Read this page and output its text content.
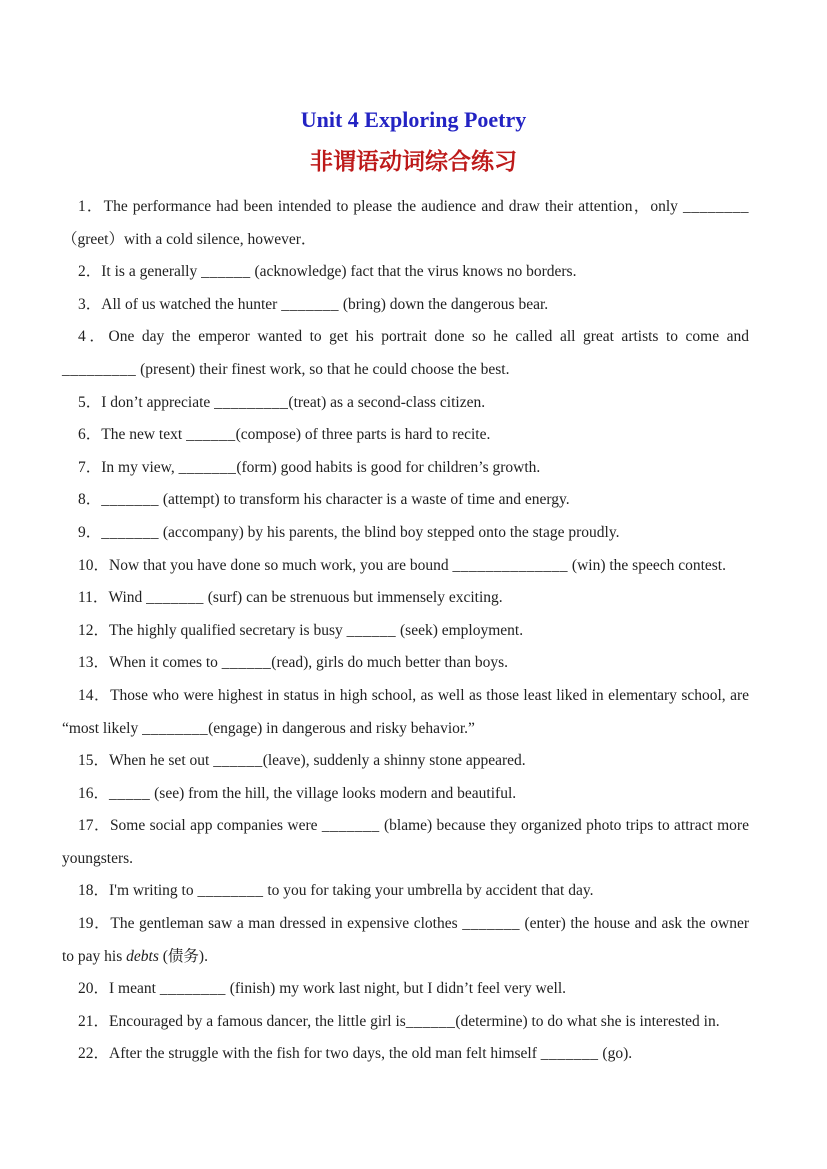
Unit 4 Exploring Poetry
非谓语动词综合练习

1．The performance had been intended to please the audience and draw their attention，only ________ （greet）with a cold silence, however．

2．It is a generally ______ (acknowledge) fact that the virus knows no borders.

3．All of us watched the hunter _______ (bring) down the dangerous bear.

4．One day the emperor wanted to get his portrait done so he called all great artists to come and _________ (present) their finest work, so that he could choose the best.

5．I don’t appreciate _________(treat) as a second-class citizen.

6．The new text ______(compose) of three parts is hard to recite.

7．In my view, _______(form) good habits is good for children’s growth.

8．_______ (attempt) to transform his character is a waste of time and energy.

9．_______ (accompany) by his parents, the blind boy stepped onto the stage proudly.

10．Now that you have done so much work, you are bound ______________ (win) the speech contest.

11．Wind _______ (surf) can be strenuous but immensely exciting.

12．The highly qualified secretary is busy ______ (seek) employment.

13．When it comes to ______(read), girls do much better than boys.

14．Those who were highest in status in high school, as well as those least liked in elementary school, are “most likely ________(engage) in dangerous and risky behavior.”

15．When he set out ______(leave), suddenly a shinny stone appeared.

16．_____ (see) from the hill, the village looks modern and beautiful.

17．Some social app companies were _______ (blame) because they organized photo trips to attract more youngsters.

18．I'm writing to ________ to you for taking your umbrella by accident that day.

19．The gentleman saw a man dressed in expensive clothes _______ (enter) the house and ask the owner to pay his debts (债务).

20．I meant ________ (finish) my work last night, but I didn’t feel very well.

21．Encouraged by a famous dancer, the little girl is______(determine) to do what she is interested in.

22．After the struggle with the fish for two days, the old man felt himself _______ (go).
